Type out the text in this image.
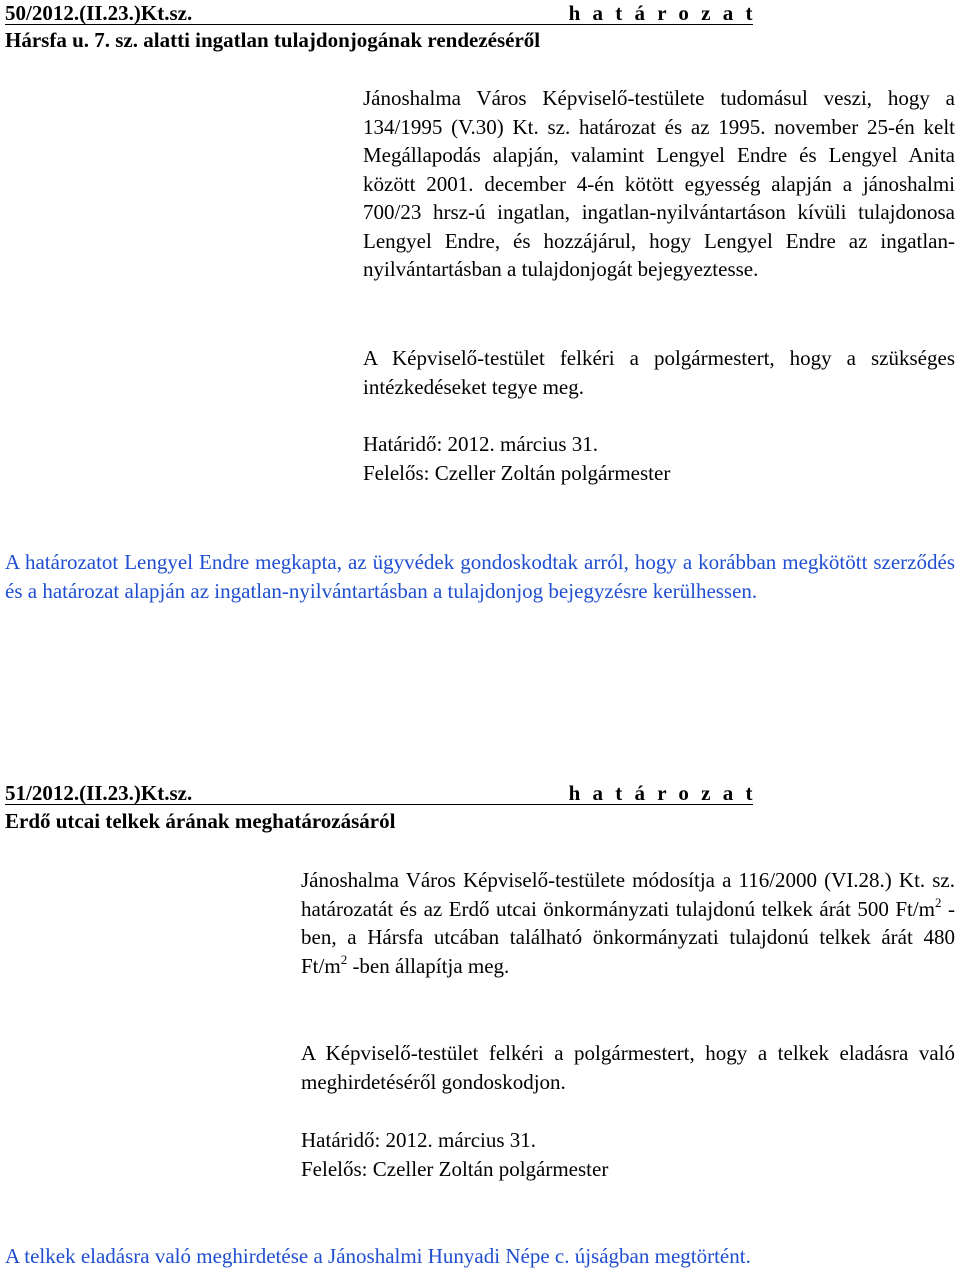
50/2012.(II.23.)Kt.sz.	h a t á r o z a t
Hársfa u. 7. sz. alatti ingatlan tulajdonjogának rendezéséről
Jánoshalma Város Képviselő-testülete tudomásul veszi, hogy a 134/1995 (V.30) Kt. sz. határozat és az 1995. november 25-én kelt Megállapodás alapján, valamint Lengyel Endre és Lengyel Anita között 2001. december 4-én kötött egyesség alapján a jánoshalmi 700/23 hrsz-ú ingatlan, ingatlan-nyilvántartáson kívüli tulajdonosa Lengyel Endre, és hozzájárul, hogy Lengyel Endre az ingatlan-nyilvántartásban a tulajdonjogát bejegyeztesse.
A Képviselő-testület felkéri a polgármestert, hogy a szükséges intézkedéseket tegye meg.
Határidő: 2012. március 31.
Felelős: Czeller Zoltán polgármester
A határozatot Lengyel Endre megkapta, az ügyvédek gondoskodtak arról, hogy a korábban megkötött szerződés és a határozat alapján az ingatlan-nyilvántartásban a tulajdonjog bejegyzésre kerülhessen.
51/2012.(II.23.)Kt.sz.	h a t á r o z a t
Erdő utcai telkek árának meghatározásáról
Jánoshalma Város Képviselő-testülete módosítja a 116/2000 (VI.28.) Kt. sz. határozatát és az Erdő utcai önkormányzati tulajdonú telkek árát 500 $Ft/m^2$ -ben, a Hársfa utcában található önkormányzati tulajdonú telkek árát 480 $Ft/m^2$ -ben állapítja meg.
A Képviselő-testület felkéri a polgármestert, hogy a telkek eladásra való meghirdetéséről gondoskodjon.
Határidő: 2012. március 31.
Felelős: Czeller Zoltán polgármester
A telkek eladásra való meghirdetése a Jánoshalmi Hunyadi Népe c. újságban megtörtént.
